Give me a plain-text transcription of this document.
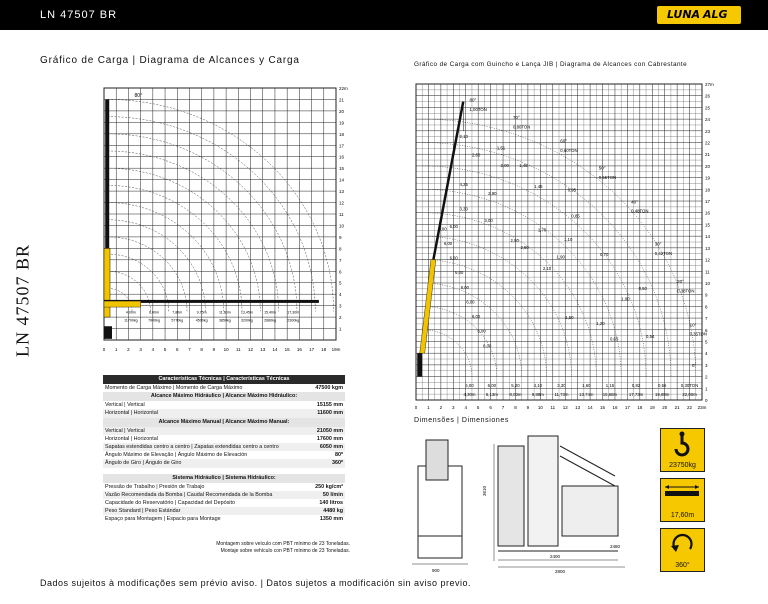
LN 47507 BR	LUNA ALG
LN 47507 BR
Gráfico de Carga | Diagrama de Alcances y Carga	Gráfico de Carga com Guincho e Lança JIB | Diagrama de Alcances con Cabrestante
0 1 2 3 4 5 6 7 8 9 10 11 12 13 14 15 16 17 18 19m
1
2
3
4
5
6
7
8
9
10
11
12
13
14
15
16
17
18
19
20
21
22m
80°
4,00m
11700kg
6,00m
7900kg
7,80m
5770kg
9,75m
4500kg
11,60m
3850kg
13,45m
3200kg
15,40m
2680kg
17,30m
2300kg
0 1 2 3 4 5 6 7 8 9 10 11 12 13 14 15 16 17 18 19 20 21 22 23m
0
1
2
3
4
5
6
7
8
9
10
11
12
13
14
15
16
17
18
19
20
21
22
23
24
25
26
27m
80°
1,00TON
70°
0,80TON
60°
0,60TON
50°
0,55TON
40°
0,48TON
30°
0,42TON
20°
0,38TON
10°
0,35TON
0°
6,00
4,30m
6,00
6,13m
5,20
8,03m
4,10
9,88m
3,30
11,73m
1,60
13,74m
1,15
15,68m
0,82
17,73m
0,56
19,88m
0,30TON
22,00m
2,10
2,60
1,51
2,00 1,46
1,45
0,95
0,85
4,25
2,80
3,30
2,50
1,70
1,10
1,90	0,70
6,00
3,00
2,50
2,10
1,50
1,20
1,00
0,65	0,54
0,50
6,00
6,00
6,00
6,00
6,00
6,00
6,00
6,00
6,00
Características Técnicas | Características Técnicas
Momento de Carga Máximo | Momento de Carga Máximo	47500 kgm
Alcance Máximo Hidráulico | Alcance Máximo Hidráulico:
Vertical | Vertical	15155 mm
Horizontal | Horizontal	11600 mm
Alcance Máximo Manual | Alcance Máximo Manual:
Vertical | Vertical	21050 mm
Horizontal | Horizontal	17600 mm
Sapatas estendidas centro a centro | Zapatas extendidas centro a centro	6050 mm
Ângulo Máximo de Elevação | Ángulo Máximo de Elevación	80º
Ângulo de Giro | Ángulo de Giro	360º
Sistema Hidráulico | Sistema Hidráulico:
Pressão de Trabalho | Presión de Trabajo	250 kg/cm²
Vazão Recomendada da Bomba | Caudal Recomendada de la Bomba	50 l/min
Capacidade do Reservatório | Capacidad del Depósito	140 litros
Peso Standard | Peso Estándar	4480 kg
Espaço para Montagem | Espacio para Montage	1350 mm
Montagem sobre veículo com PBT mínimo de 23 Toneladas.
Montaje sobre vehículo con PBT mínimo de 23 Toneladas.
Dimensões | Dimensiones
3610
2400
2800
900
2480
23750kg
17,60m
360°
Dados sujeitos à modificações sem prévio aviso. | Datos sujetos a modificación sin aviso previo.
